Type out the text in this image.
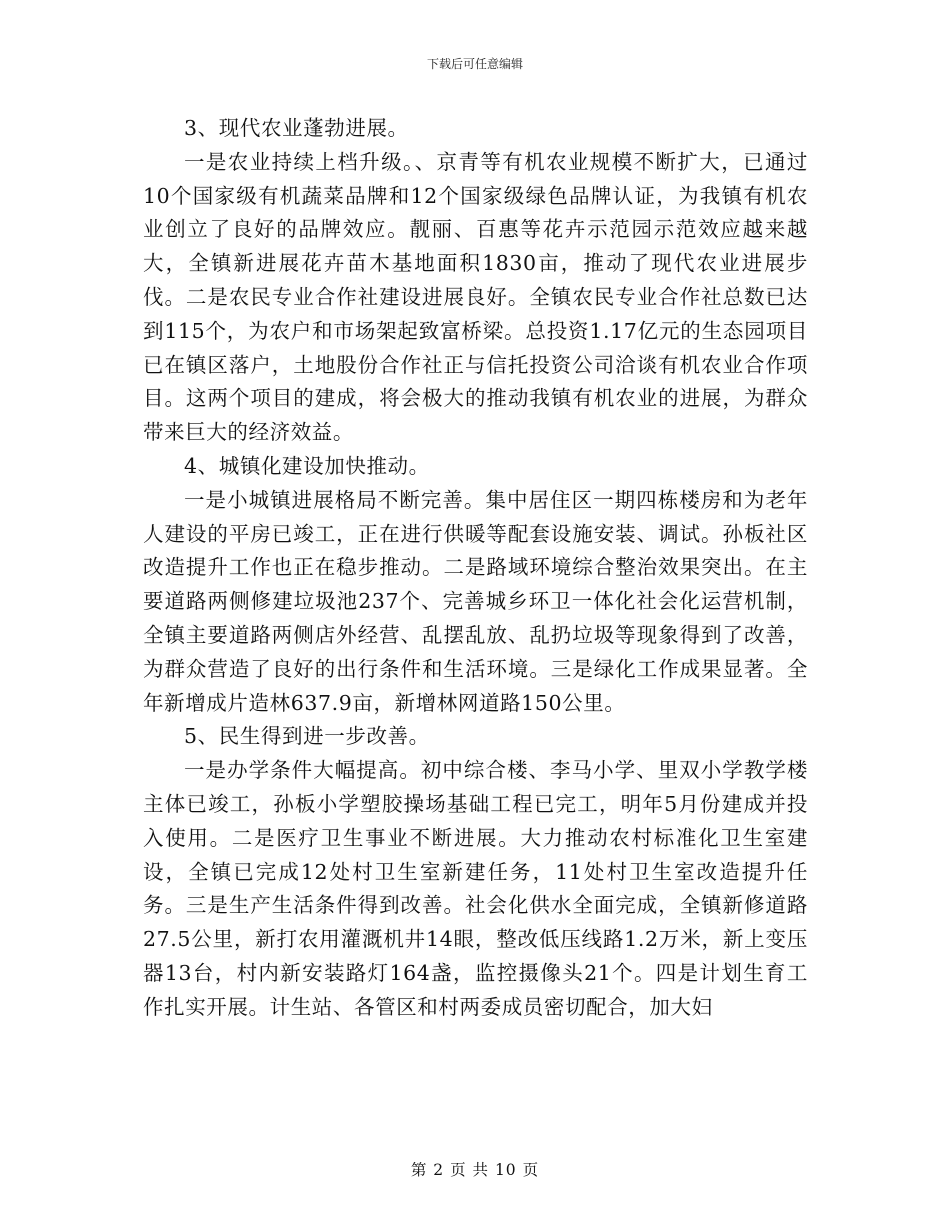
下载后可任意编辑

3、现代农业蓬勃进展。

一是农业持续上档升级。、京青等有机农业规模不断扩大，已通过10个国家级有机蔬菜品牌和12个国家级绿色品牌认证，为我镇有机农业创立了良好的品牌效应。靓丽、百惠等花卉示范园示范效应越来越大，全镇新进展花卉苗木基地面积1830亩，推动了现代农业进展步伐。二是农民专业合作社建设进展良好。全镇农民专业合作社总数已达到115个，为农户和市场架起致富桥梁。总投资1.17亿元的生态园项目已在镇区落户，土地股份合作社正与信托投资公司洽谈有机农业合作项目。这两个项目的建成，将会极大的推动我镇有机农业的进展，为群众带来巨大的经济效益。

4、城镇化建设加快推动。

一是小城镇进展格局不断完善。集中居住区一期四栋楼房和为老年人建设的平房已竣工，正在进行供暖等配套设施安装、调试。孙板社区改造提升工作也正在稳步推动。二是路域环境综合整治效果突出。在主要道路两侧修建垃圾池237个、完善城乡环卫一体化社会化运营机制，全镇主要道路两侧店外经营、乱摆乱放、乱扔垃圾等现象得到了改善，为群众营造了良好的出行条件和生活环境。三是绿化工作成果显著。全年新增成片造林637.9亩，新增林网道路150公里。

5、民生得到进一步改善。

一是办学条件大幅提高。初中综合楼、李马小学、里双小学教学楼主体已竣工，孙板小学塑胶操场基础工程已完工，明年5月份建成并投入使用。二是医疗卫生事业不断进展。大力推动农村标准化卫生室建设，全镇已完成12处村卫生室新建任务，11处村卫生室改造提升任务。三是生产生活条件得到改善。社会化供水全面完成，全镇新修道路27.5公里，新打农用灌溉机井14眼，整改低压线路1.2万米，新上变压器13台，村内新安装路灯164盏，监控摄像头21个。四是计划生育工作扎实开展。计生站、各管区和村两委成员密切配合，加大妇

第 2 页 共 10 页
